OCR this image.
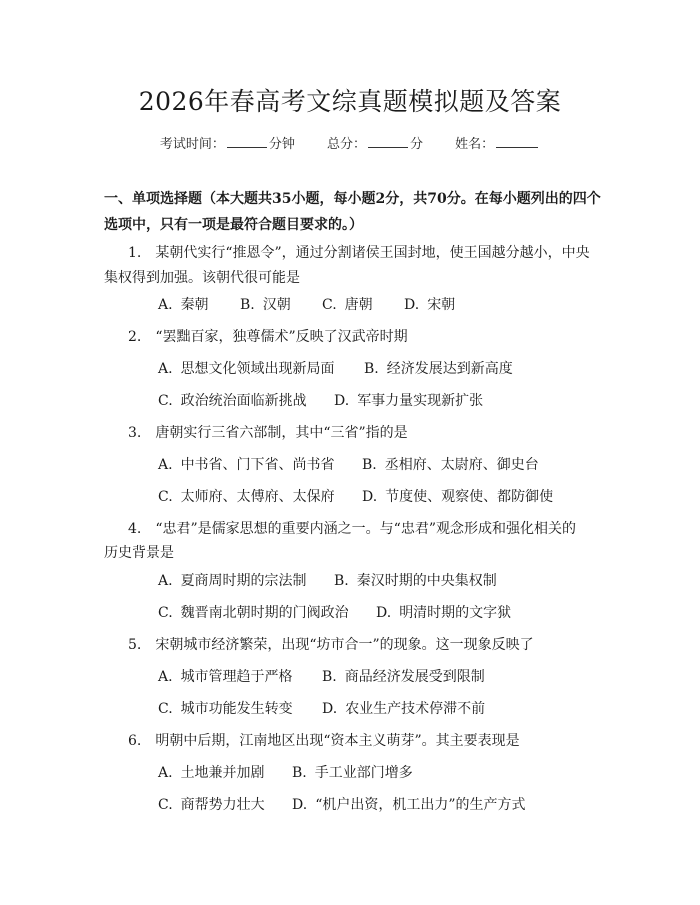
2026年春高考文综真题模拟题及答案
考试时间：	分钟 总分：	分 姓名：
一、单项选择题（本大题共35小题，每小题2分，共70分。在每小题列出的四个选项中，只有一项是最符合题目要求的。）
1. 某朝代实行“推恩令”，通过分割诸侯王国封地，使王国越分越小，中央
集权得到加强。该朝代很可能是
A. 秦朝 B. 汉朝 C. 唐朝 D. 宋朝
2. “罢黜百家，独尊儒术”反映了汉武帝时期
A. 思想文化领域出现新局面 B. 经济发展达到新高度
C. 政治统治面临新挑战 D. 军事力量实现新扩张
3. 唐朝实行三省六部制，其中“三省”指的是
A. 中书省、门下省、尚书省 B. 丞相府、太尉府、御史台
C. 太师府、太傅府、太保府 D. 节度使、观察使、都防御使
4. “忠君”是儒家思想的重要内涵之一。与“忠君”观念形成和强化相关的
历史背景是
A. 夏商周时期的宗法制 B. 秦汉时期的中央集权制
C. 魏晋南北朝时期的门阀政治 D. 明清时期的文字狱
5. 宋朝城市经济繁荣，出现“坊市合一”的现象。这一现象反映了
A. 城市管理趋于严格 B. 商品经济发展受到限制
C. 城市功能发生转变 D. 农业生产技术停滞不前
6. 明朝中后期，江南地区出现“资本主义萌芽”。其主要表现是
A. 土地兼并加剧 B. 手工业部门增多
C. 商帮势力壮大 D. “机户出资，机工出力”的生产方式
